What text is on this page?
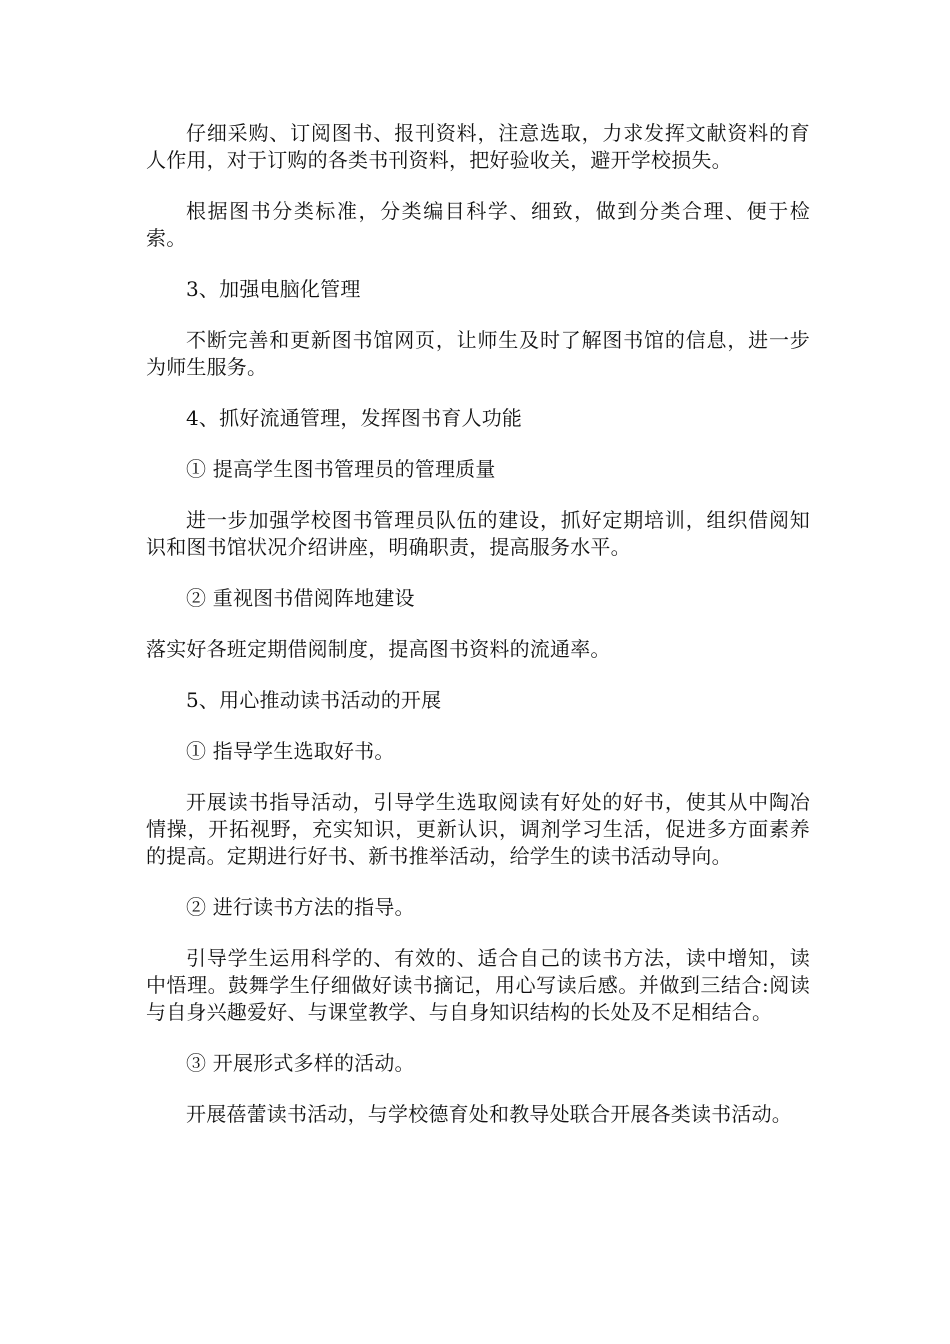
仔细采购、订阅图书、报刊资料，注意选取，力求发挥文献资料的育人作用，对于订购的各类书刊资料，把好验收关，避开学校损失。

根据图书分类标准，分类编目科学、细致，做到分类合理、便于检索。

3、加强电脑化管理

不断完善和更新图书馆网页，让师生及时了解图书馆的信息，进一步为师生服务。

4、抓好流通管理，发挥图书育人功能

① 提高学生图书管理员的管理质量

进一步加强学校图书管理员队伍的建设，抓好定期培训，组织借阅知识和图书馆状况介绍讲座，明确职责，提高服务水平。

② 重视图书借阅阵地建设

落实好各班定期借阅制度，提高图书资料的流通率。

5、用心推动读书活动的开展

① 指导学生选取好书。

开展读书指导活动，引导学生选取阅读有好处的好书，使其从中陶冶情操，开拓视野，充实知识，更新认识，调剂学习生活，促进多方面素养的提高。定期进行好书、新书推举活动，给学生的读书活动导向。

② 进行读书方法的指导。

引导学生运用科学的、有效的、适合自己的读书方法，读中增知，读中悟理。鼓舞学生仔细做好读书摘记，用心写读后感。并做到三结合:阅读与自身兴趣爱好、与课堂教学、与自身知识结构的长处及不足相结合。

③ 开展形式多样的活动。

开展蓓蕾读书活动，与学校德育处和教导处联合开展各类读书活动。
